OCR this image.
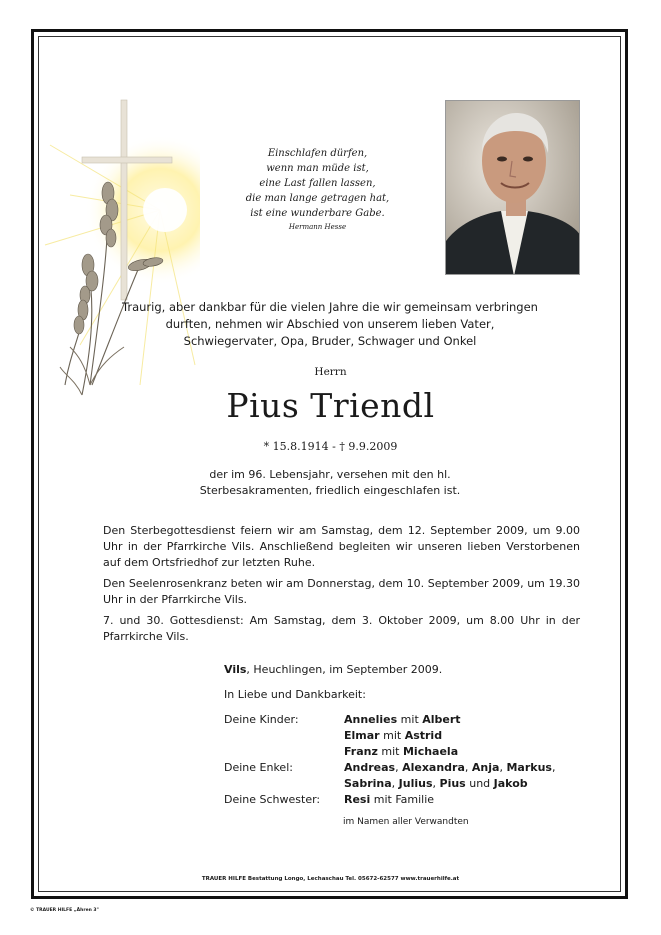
Einschlafen dürfen,
wenn man müde ist,
eine Last fallen lassen,
die man lange getragen hat,
ist eine wunderbare Gabe.
Hermann Hesse
Traurig, aber dankbar für die vielen Jahre die wir gemeinsam verbringen
durften, nehmen wir Abschied von unserem lieben Vater,
Schwiegervater, Opa, Bruder, Schwager und Onkel
Herrn
Pius Triendl
* 15.8.1914 - † 9.9.2009
der im 96. Lebensjahr, versehen mit den hl.
Sterbesakramenten, friedlich eingeschlafen ist.

Den Sterbegottesdienst feiern wir am Samstag, dem 12. September 2009, um 9.00 Uhr in der Pfarrkirche Vils. Anschließend begleiten wir unseren lieben Verstorbenen auf dem Ortsfriedhof zur letzten Ruhe.

Den Seelenrosenkranz beten wir am Donnerstag, dem 10. September 2009, um 19.30 Uhr in der Pfarrkirche Vils.

7. und 30. Gottesdienst: Am Samstag, dem 3. Oktober 2009, um 8.00 Uhr in der Pfarrkirche Vils.

Vils, Heuchlingen, im September 2009.
In Liebe und Dankbarkeit:
Deine Kinder:	Annelies mit Albert
Elmar mit Astrid
Franz mit Michaela
Deine Enkel:	Andreas, Alexandra, Anja, Markus,
Sabrina, Julius, Pius und Jakob
Deine Schwester:	Resi mit Familie
im Namen aller Verwandten
TRAUER HILFE Bestattung Longo, Lechaschau Tel. 05672-62577 www.trauerhilfe.at
© TRAUER HILFE „Ähren 3"
